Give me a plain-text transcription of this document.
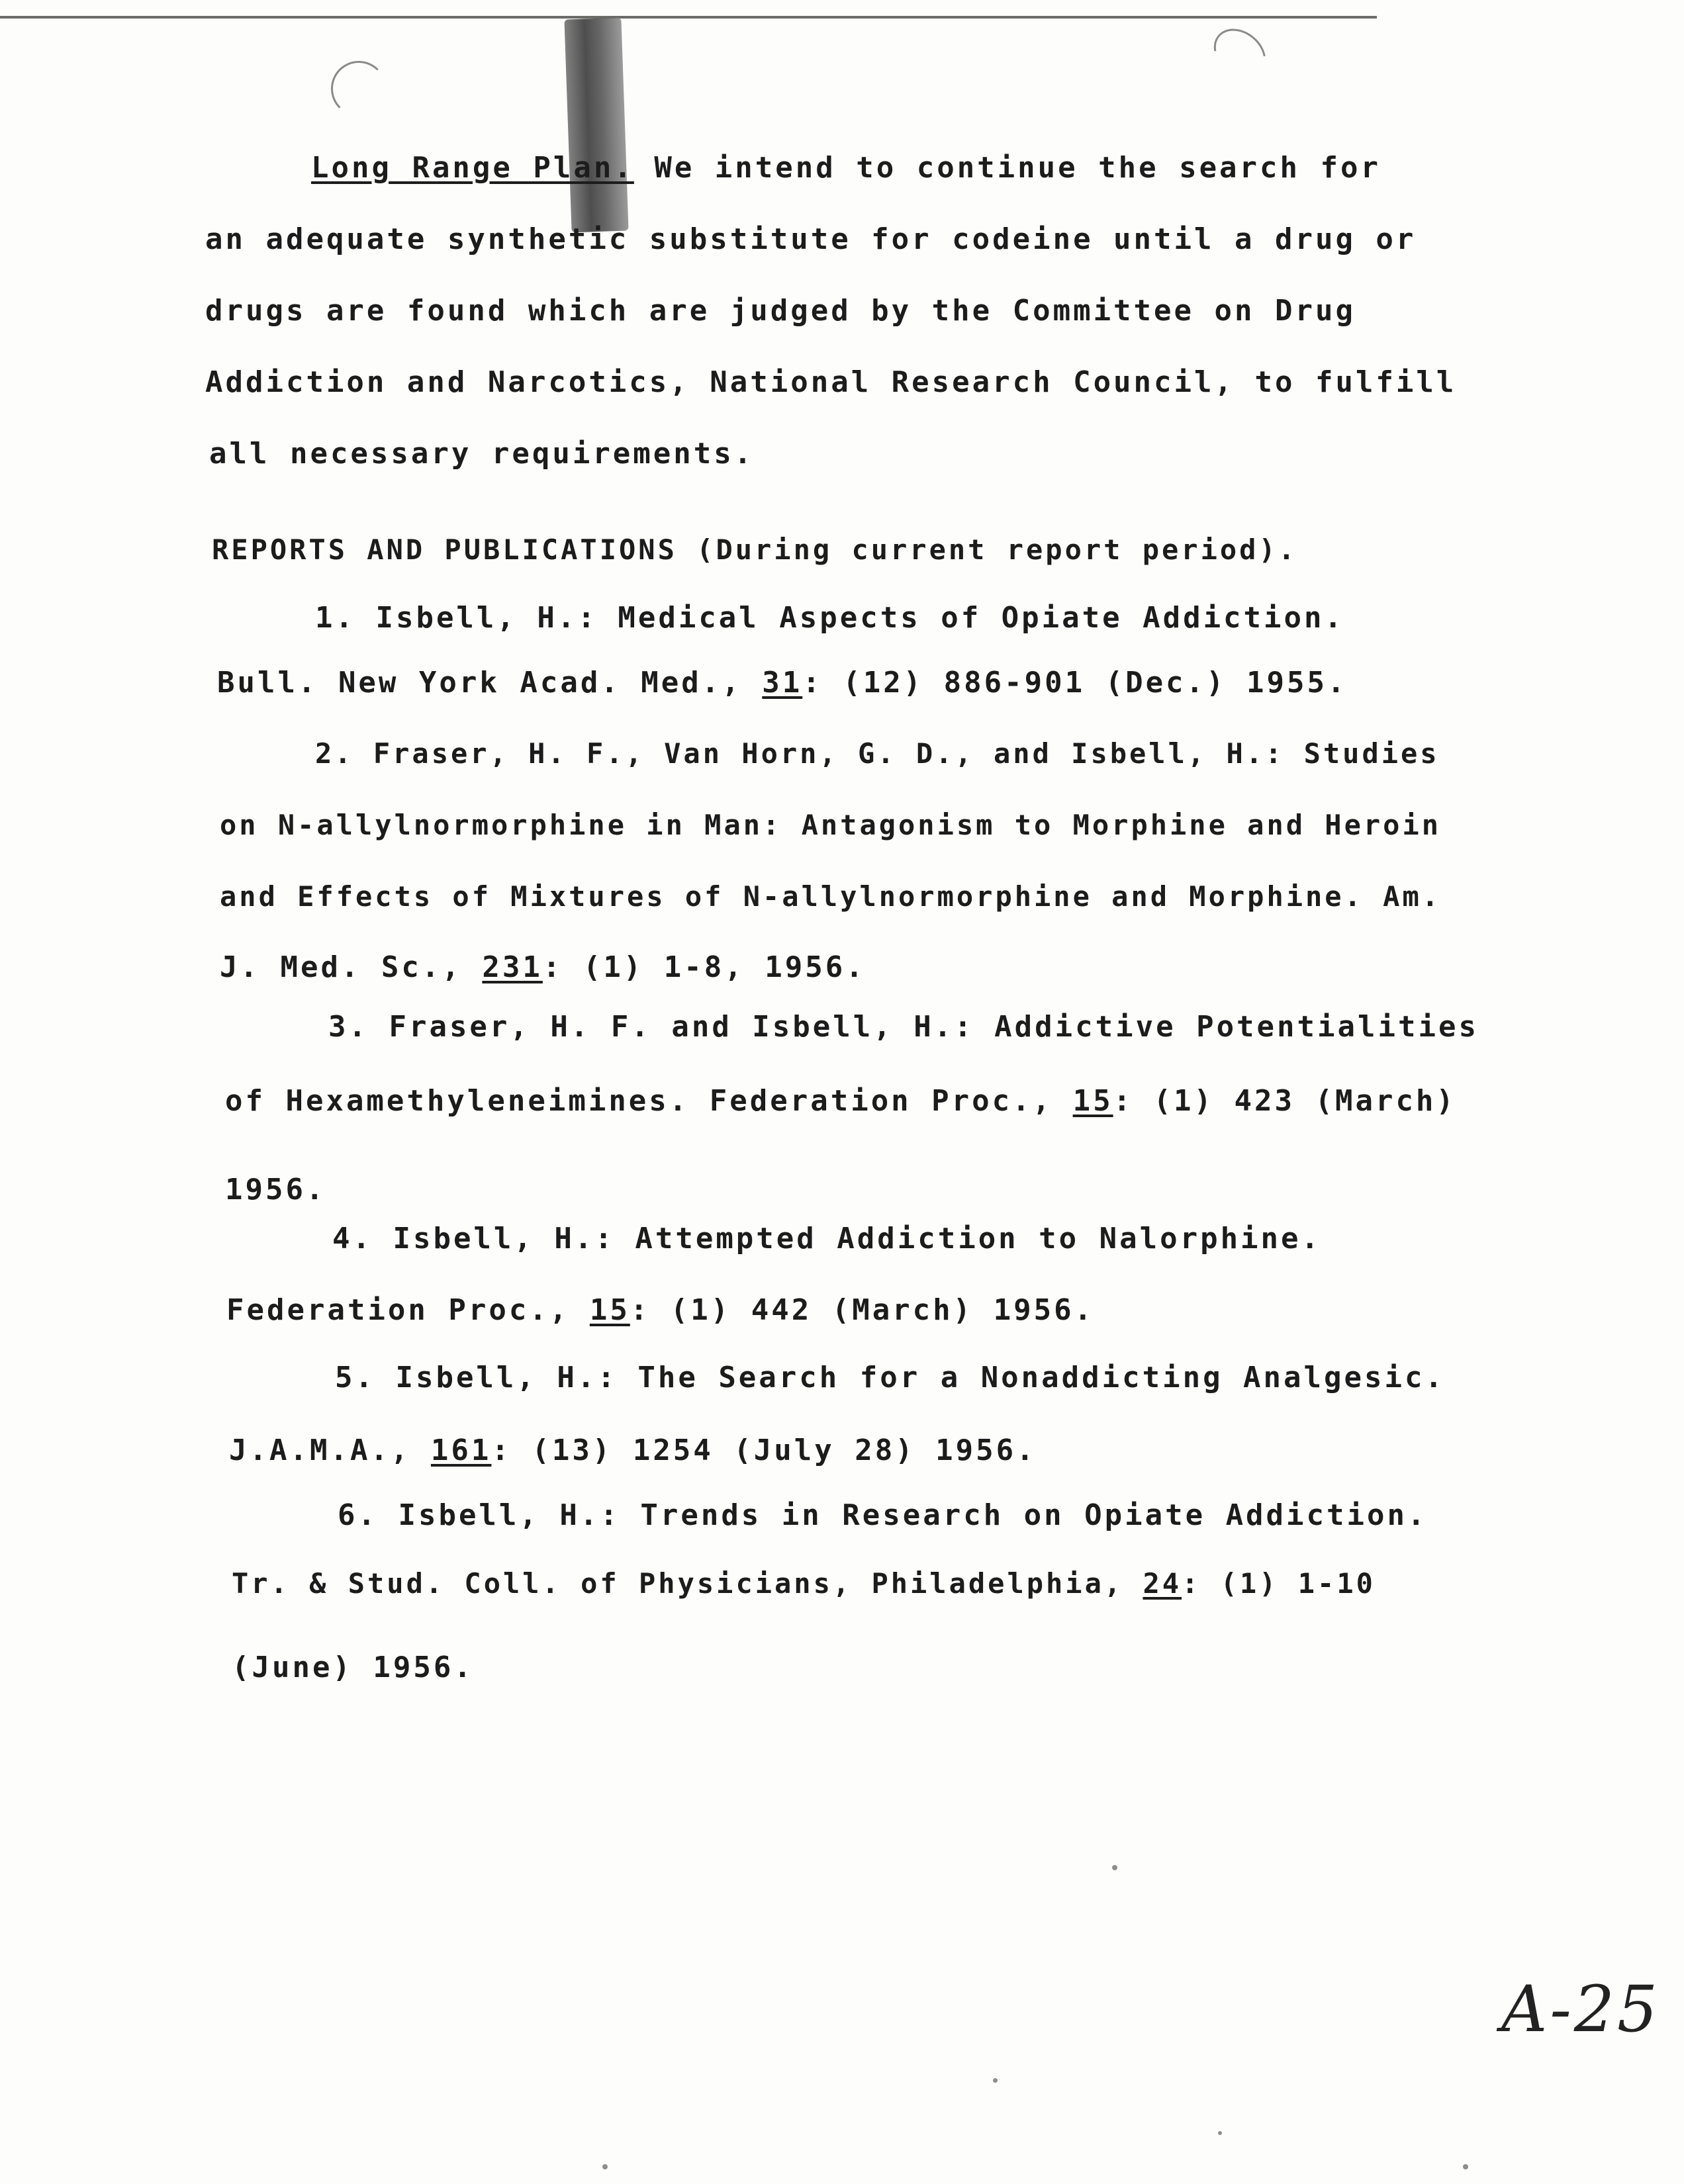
Long Range Plan. We intend to continue the search for
an adequate synthetic substitute for codeine until a drug or
drugs are found which are judged by the Committee on Drug
Addiction and Narcotics, National Research Council, to fulfill
all necessary requirements.
REPORTS AND PUBLICATIONS (During current report period).
1. Isbell, H.: Medical Aspects of Opiate Addiction.
Bull. New York Acad. Med., 31: (12) 886-901 (Dec.) 1955.
2. Fraser, H. F., Van Horn, G. D., and Isbell, H.: Studies
on N-allylnormorphine in Man: Antagonism to Morphine and Heroin
and Effects of Mixtures of N-allylnormorphine and Morphine. Am.
J. Med. Sc., 231: (1) 1-8, 1956.
3. Fraser, H. F. and Isbell, H.: Addictive Potentialities
of Hexamethyleneimines. Federation Proc., 15: (1) 423 (March)
1956.
4. Isbell, H.: Attempted Addiction to Nalorphine.
Federation Proc., 15: (1) 442 (March) 1956.
5. Isbell, H.: The Search for a Nonaddicting Analgesic.
J.A.M.A., 161: (13) 1254 (July 28) 1956.
6. Isbell, H.: Trends in Research on Opiate Addiction.
Tr. & Stud. Coll. of Physicians, Philadelphia, 24: (1) 1-10
(June) 1956.
A-25
